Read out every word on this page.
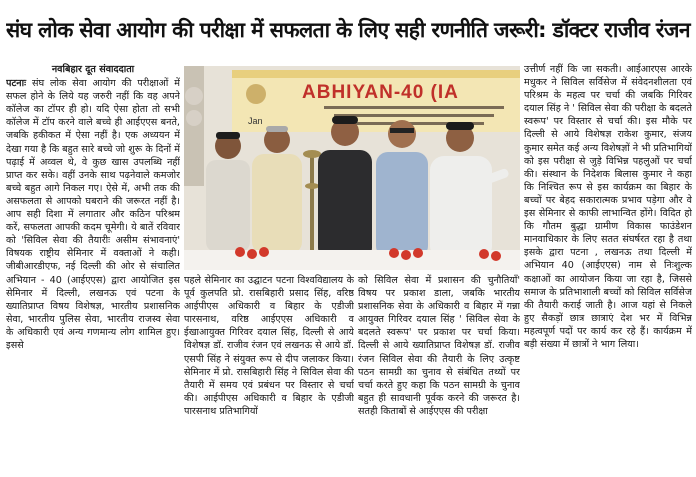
संघ लोक सेवा आयोग की परीक्षा में सफलता के लिए सही रणनीति जरूरी: डॉक्टर राजीव रंजन

नवबिहार दूत संवाददाता

पटनाः संघ लोक सेवा आयोग की परीक्षाओं में सफल होने के लिये यह जरुरी नहीं कि वह अपने कॉलेज का टॉपर ही हो। यदि ऐसा होता तो सभी कॉलेज में टॉप करने वाले बच्चे ही आईएएस बनते, जबकि हकीकत में ऐसा नहीं है। एक अध्ययन में देखा गया है कि बहुत सारे बच्चे जो शुरू के दिनों में पढ़ाई में अव्वल थे, वे कुछ खास उपलब्धि नहीं प्राप्त कर सके। वहीं उनके साथ पढ़नेवाले कमजोर बच्चे बहुत आगे निकल गए। ऐसे में, अभी तक की असफलता से आपको घबराने की जरूरत नहीं है। आप सही दिशा में लगातार और कठिन परिश्रम करें, सफलता आपकी कदम चूमेगी। ये बातें रविवार को 'सिविल सेवा की तैयारीः असीम संभावनाएं' विषयक राष्ट्रीय सेमिनार में वक्ताओं ने कही। जीबीआरडीएफ, नई दिल्ली की ओर से संचालित अभियान - 40 (आईएएस) द्वारा आयोजित इस सेमिनार में दिल्ली, लखनऊ एवं पटना के ख्यातिप्राप्त विषय विशेषज्ञ, भारतीय प्रशासनिक सेवा, भारतीय पुलिस सेवा, भारतीय राजस्व सेवा के अधिकारी एवं अन्य गणमान्य लोग शामिल हुए। इससे

ABHIYAN-40 (IA
Jan

पहले सेमिनार का उद्घाटन पटना विश्वविद्यालय के पूर्व कुलपति प्रो. रासबिहारी प्रसाद सिंह, वरिष्ठ आईपीएस अधिकारी व बिहार के एडीजी पारसनाथ, वरिष्ठ आईएएस अधिकारी व ईखाआयुक्त गिरिवर दयाल सिंह, दिल्ली से आये विशेषज्ञ डॉ. राजीव रंजन एवं लखनऊ से आये डॉ. एसपी सिंह ने संयुक्त रूप से दीप जलाकर किया। सेमिनार में प्रो. रासबिहारी सिंह ने सिविल सेवा की तैयारी में समय एवं प्रबंधन पर विस्तार से चर्चा की। आईपीएस अधिकारी व बिहार के एडीजी पारसनाथ प्रतिभागियों

को सिविल सेवा में प्रशासन की चुनौतियाँ' विषय पर प्रकाश डाला, जबकि भारतीय प्रशासनिक सेवा के अधिकारी व बिहार में गन्ना आयुक्त गिरिवर दयाल सिंह ' सिविल सेवा के बदलते स्वरूप' पर प्रकाश पर चर्चा किया। दिल्ली से आये ख्यातिप्राप्त विशेषज्ञ डॉ. राजीव रंजन सिविल सेवा की तैयारी के लिए उत्कृष्ट पठन सामग्री का चुनाव से संबंधित तथ्यों पर चर्चा करते हुए कहा कि पठन सामग्री के चुनाव बहुत ही सावधानी पूर्वक करने की जरूरत है। सतही किताबों से आईएएस की परीक्षा

उत्तीर्ण नहीं कि जा सकती। आईआरएस आरके मधुकर ने सिविल सर्विसेज में संवेदनशीलता एवं परिश्रम के महत्व पर चर्चा की जबकि गिरिवर दयाल सिंह ने ' सिविल सेवा की परीक्षा के बदलते स्वरूप' पर विस्तार से चर्चा की। इस मौके पर दिल्ली से आये विशेषज्ञ राकेश कुमार, संजय कुमार समेत कई अन्य विशेषज्ञों ने भी प्रतिभागियों को इस परीक्षा से जुड़े विभिन्न पहलुओं पर चर्चा की। संस्थान के निदेशक बिलास कुमार ने कहा कि निश्चित रूप से इस कार्यक्रम का बिहार के बच्चों पर बेहद सकारात्मक प्रभाव पड़ेगा और वे इस सेमिनार से काफी लाभान्वित होंगे। विदित हो कि गौतम बुद्धा ग्रामीण विकास फाउंडेशन मानवाधिकार के लिए सतत संघर्षरत रहा है तथा इसके द्वारा पटना , लखनऊ तथा दिल्ली में अभियान 40 (आईएएस) नाम से निःशुल्क कक्षाओं का आयोजन किया जा रहा है, जिससे समाज के प्रतिभाशाली बच्चों को सिविल सर्विसेज की तैयारी कराई जाती है। आज यहां से निकले हुए सैकड़ों छात्र छात्राएं देश भर में विभिन्न महत्वपूर्ण पदों पर कार्य कर रहे हैं। कार्यक्रम में बड़ी संख्या में छात्रों ने भाग लिया।
